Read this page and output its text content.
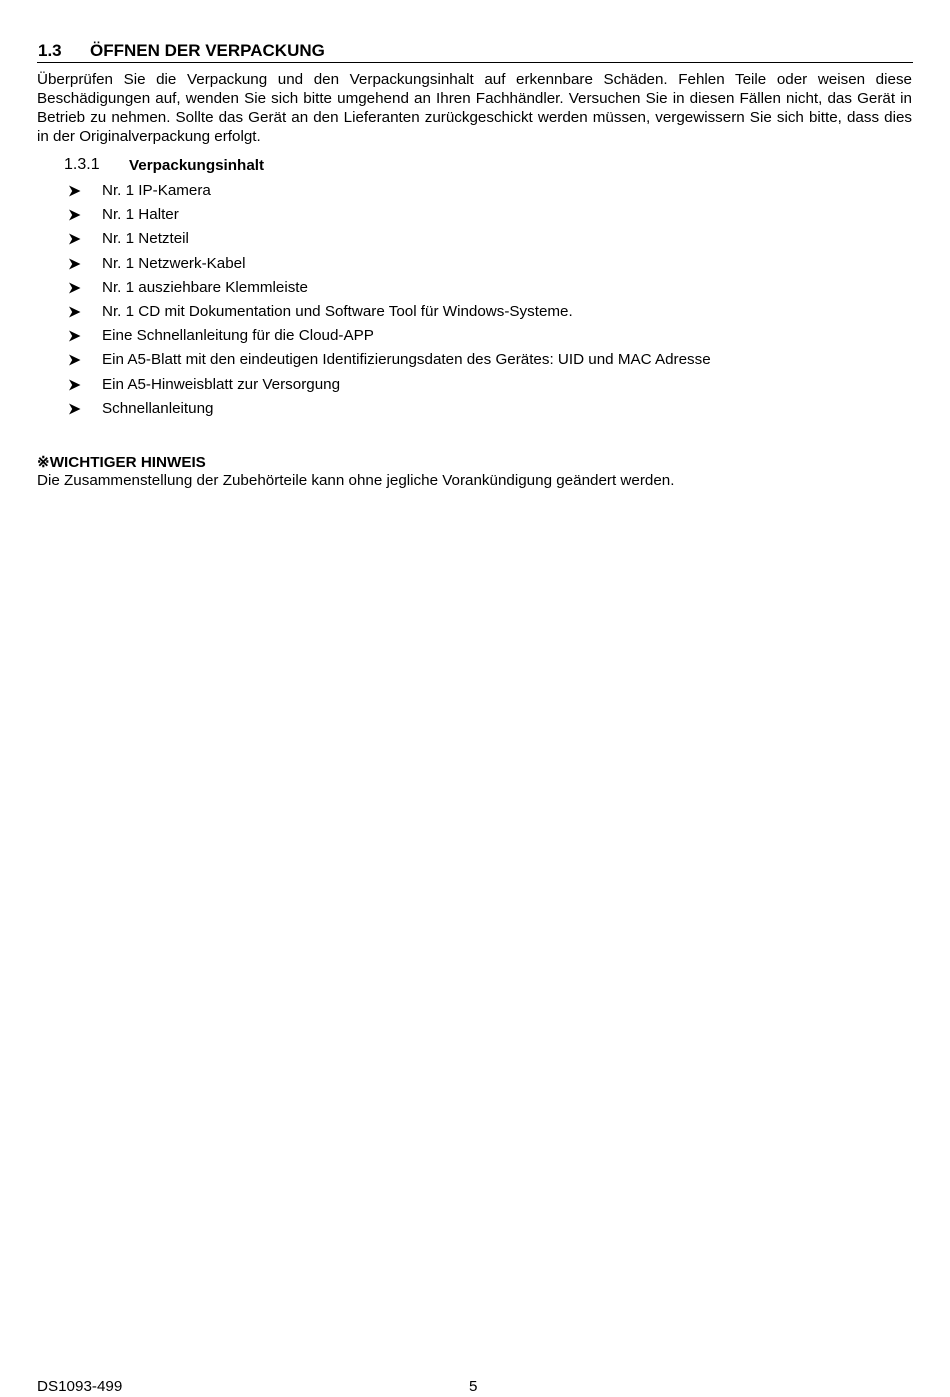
1.3 ÖFFNEN DER VERPACKUNG
Überprüfen Sie die Verpackung und den Verpackungsinhalt auf erkennbare Schäden. Fehlen Teile oder weisen diese Beschädigungen auf, wenden Sie sich bitte umgehend an Ihren Fachhändler. Versuchen Sie in diesen Fällen nicht, das Gerät in Betrieb zu nehmen. Sollte das Gerät an den Lieferanten zurückgeschickt werden müssen, vergewissern Sie sich bitte, dass dies in der Originalverpackung erfolgt.
1.3.1 Verpackungsinhalt
Nr. 1 IP-Kamera
Nr. 1 Halter
Nr. 1 Netzteil
Nr. 1 Netzwerk-Kabel
Nr. 1 ausziehbare Klemmleiste
Nr. 1 CD mit Dokumentation und Software Tool für Windows-Systeme.
Eine Schnellanleitung für die Cloud-APP
Ein A5-Blatt mit den eindeutigen Identifizierungsdaten des Gerätes: UID und MAC Adresse
Ein A5-Hinweisblatt zur Versorgung
Schnellanleitung
※WICHTIGER HINWEIS
Die Zusammenstellung der Zubehörteile kann ohne jegliche Vorankündigung geändert werden.
DS1093-499	5
